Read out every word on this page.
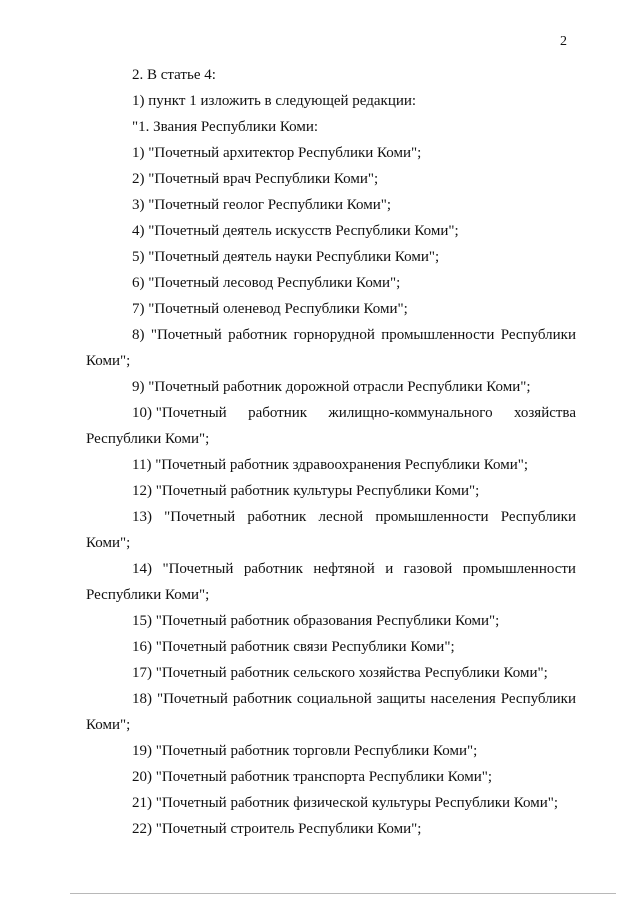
2
2. В статье 4:
1) пункт 1 изложить в следующей редакции:
"1. Звания Республики Коми:
1) "Почетный архитектор Республики Коми";
2) "Почетный врач Республики Коми";
3) "Почетный геолог Республики Коми";
4) "Почетный деятель искусств Республики Коми";
5) "Почетный деятель науки Республики Коми";
6) "Почетный лесовод Республики Коми";
7) "Почетный оленевод Республики Коми";
8) "Почетный работник горнорудной промышленности Республики
Коми";
9) "Почетный работник дорожной отрасли Республики Коми";
10) "Почетный работник жилищно-коммунального хозяйства
Республики Коми";
11) "Почетный работник здравоохранения Республики Коми";
12) "Почетный работник культуры Республики Коми";
13) "Почетный работник лесной промышленности Республики
Коми";
14) "Почетный работник нефтяной и газовой промышленности
Республики Коми";
15) "Почетный работник образования Республики Коми";
16) "Почетный работник связи Республики Коми";
17) "Почетный работник сельского хозяйства Республики Коми";
18) "Почетный работник социальной защиты населения Республики
Коми";
19) "Почетный работник торговли Республики Коми";
20) "Почетный работник транспорта Республики Коми";
21) "Почетный работник физической культуры Республики Коми";
22) "Почетный строитель Республики Коми";
